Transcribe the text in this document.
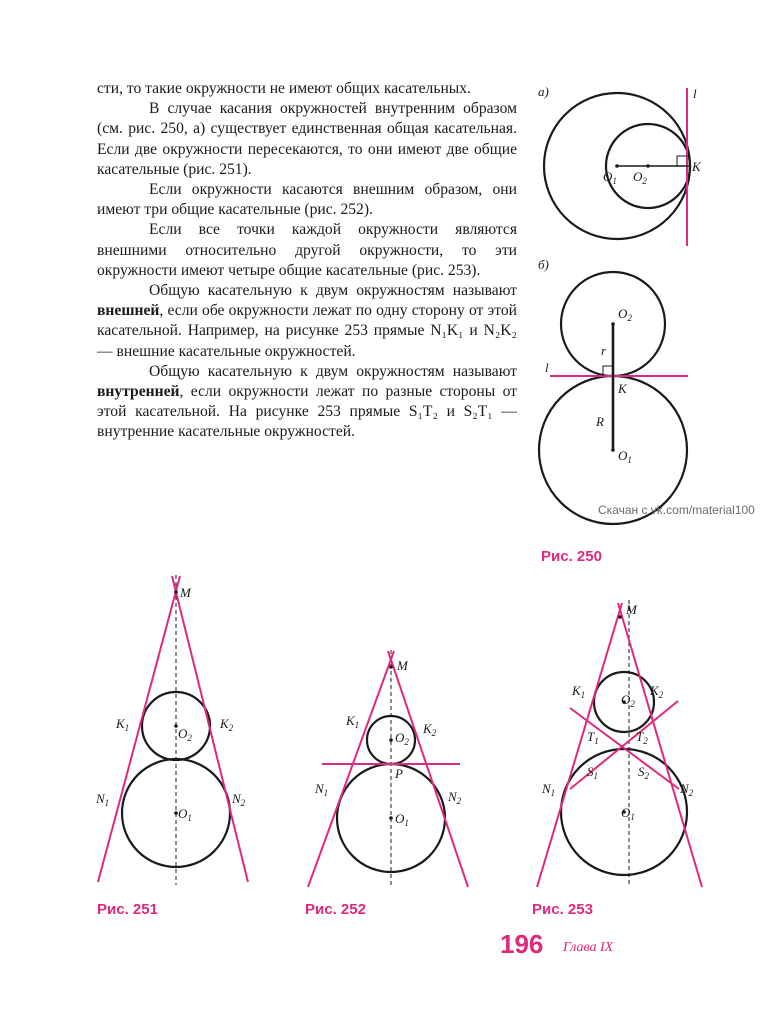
сти, то такие окружности не имеют общих касательных.

В случае касания окружностей внутренним образом (см. рис. 250, а) существует единственная общая касательная. Если две окружности пересекаются, то они имеют две общие касательные (рис. 251).

Если окружности касаются внешним образом, они имеют три общие касательные (рис. 252).

Если все точки каждой окружности являются внешними относительно другой окружности, то эти окружности имеют четыре общие касательные (рис. 253).

Общую касательную к двум окружностям называют внешней, если обе окружности лежат по одну сторону от этой касательной. Например, на рисунке 253 прямые N₁K₁ и N₂K₂ — внешние касательные окружностей.

Общую касательную к двум окружностям называют внутренней, если окружности лежат по разные стороны от этой касательной. На рисунке 253 прямые S₁T₂ и S₂T₁ — внутренние касательные окружностей.

а)	l
K
$O_1$ $O_2$
б)
l
K
r
R
$O_2$
$O_1$
Скачан с vk.com/material100
Рис. 250
M
$K_1$	$K_2$
$O_2$
$O_1$
$N_1$	$N_2$
Рис. 251
M
$K_1$	$K_2$
$O_2$
P
$O_1$
$N_1$	$N_2$
Рис. 252
M
$K_1$	$K_2$
$O_2$
$T_1$	$T_2$
$S_1$	$S_2$
$O_1$
$N_1$	$N_2$
Рис. 253
196 Глава IX
